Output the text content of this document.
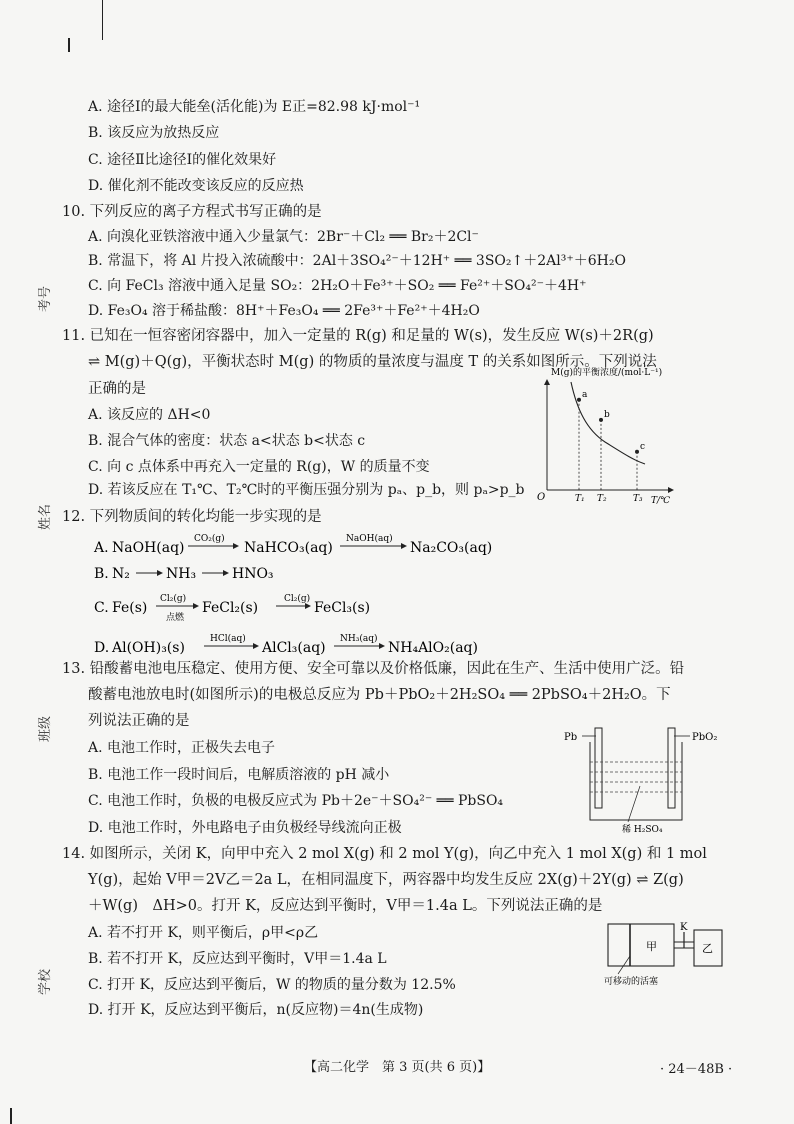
考号
姓名
班级
学校
A. 途径Ⅰ的最大能垒(活化能)为 E正=82.98 kJ·mol⁻¹
B. 该反应为放热反应
C. 途径Ⅱ比途径Ⅰ的催化效果好
D. 催化剂不能改变该反应的反应热
10. 下列反应的离子方程式书写正确的是
A. 向溴化亚铁溶液中通入少量氯气：2Br⁻＋Cl₂ ══ Br₂＋2Cl⁻
B. 常温下，将 Al 片投入浓硫酸中：2Al＋3SO₄²⁻＋12H⁺ ══ 3SO₂↑＋2Al³⁺＋6H₂O
C. 向 FeCl₃ 溶液中通入足量 SO₂：2H₂O＋Fe³⁺＋SO₂ ══ Fe²⁺＋SO₄²⁻＋4H⁺
D. Fe₃O₄ 溶于稀盐酸：8H⁺＋Fe₃O₄ ══ 2Fe³⁺＋Fe²⁺＋4H₂O
11. 已知在一恒容密闭容器中，加入一定量的 R(g) 和足量的 W(s)，发生反应 W(s)＋2R(g)
⇌ M(g)＋Q(g)，平衡状态时 M(g) 的物质的量浓度与温度 T 的关系如图所示。下列说法
正确的是
A. 该反应的 ΔH<0
B. 混合气体的密度：状态 a<状态 b<状态 c
C. 向 c 点体系中再充入一定量的 R(g)，W 的质量不变
D. 若该反应在 T₁℃、T₂℃时的平衡压强分别为 pₐ、p_b，则 pₐ>p_b
M(g)的平衡浓度/(mol·L⁻¹)
O	T/℃
a
T₁
b
T₂
c
T₃
12. 下列物质间的转化均能一步实现的是
A. NaOH(aq)
CO₂(g)
NaHCO₃(aq)
NaOH(aq)
Na₂CO₃(aq)
B. N₂	NH₃	HNO₃
C. Fe(s)
Cl₂(g)
点燃
FeCl₂(s)
Cl₂(g)
FeCl₃(s)
D. Al(OH)₃(s)
HCl(aq)
AlCl₃(aq)
NH₃(aq)
NH₄AlO₂(aq)
13. 铅酸蓄电池电压稳定、使用方便、安全可靠以及价格低廉，因此在生产、生活中使用广泛。铅
酸蓄电池放电时(如图所示)的电极总反应为 Pb＋PbO₂＋2H₂SO₄ ══ 2PbSO₄＋2H₂O。下
列说法正确的是
A. 电池工作时，正极失去电子
B. 电池工作一段时间后，电解质溶液的 pH 减小
C. 电池工作时，负极的电极反应式为 Pb＋2e⁻＋SO₄²⁻ ══ PbSO₄
D. 电池工作时，外电路电子由负极经导线流向正极
Pb	PbO₂
稀 H₂SO₄
14. 如图所示，关闭 K，向甲中充入 2 mol X(g) 和 2 mol Y(g)，向乙中充入 1 mol X(g) 和 1 mol
Y(g)，起始 V甲＝2V乙＝2a L，在相同温度下，两容器中均发生反应 2X(g)＋2Y(g) ⇌ Z(g)
＋W(g)　ΔH>0。打开 K，反应达到平衡时，V甲＝1.4a L。下列说法正确的是
A. 若不打开 K，则平衡后，ρ甲<ρ乙
B. 若不打开 K，反应达到平衡时，V甲＝1.4a L
C. 打开 K，反应达到平衡后，W 的物质的量分数为 12.5%
D. 打开 K，反应达到平衡后，n(反应物)＝4n(生成物)
甲
K
乙
可移动的活塞
【高二化学　第 3 页(共 6 页)】	· 24－48B ·
